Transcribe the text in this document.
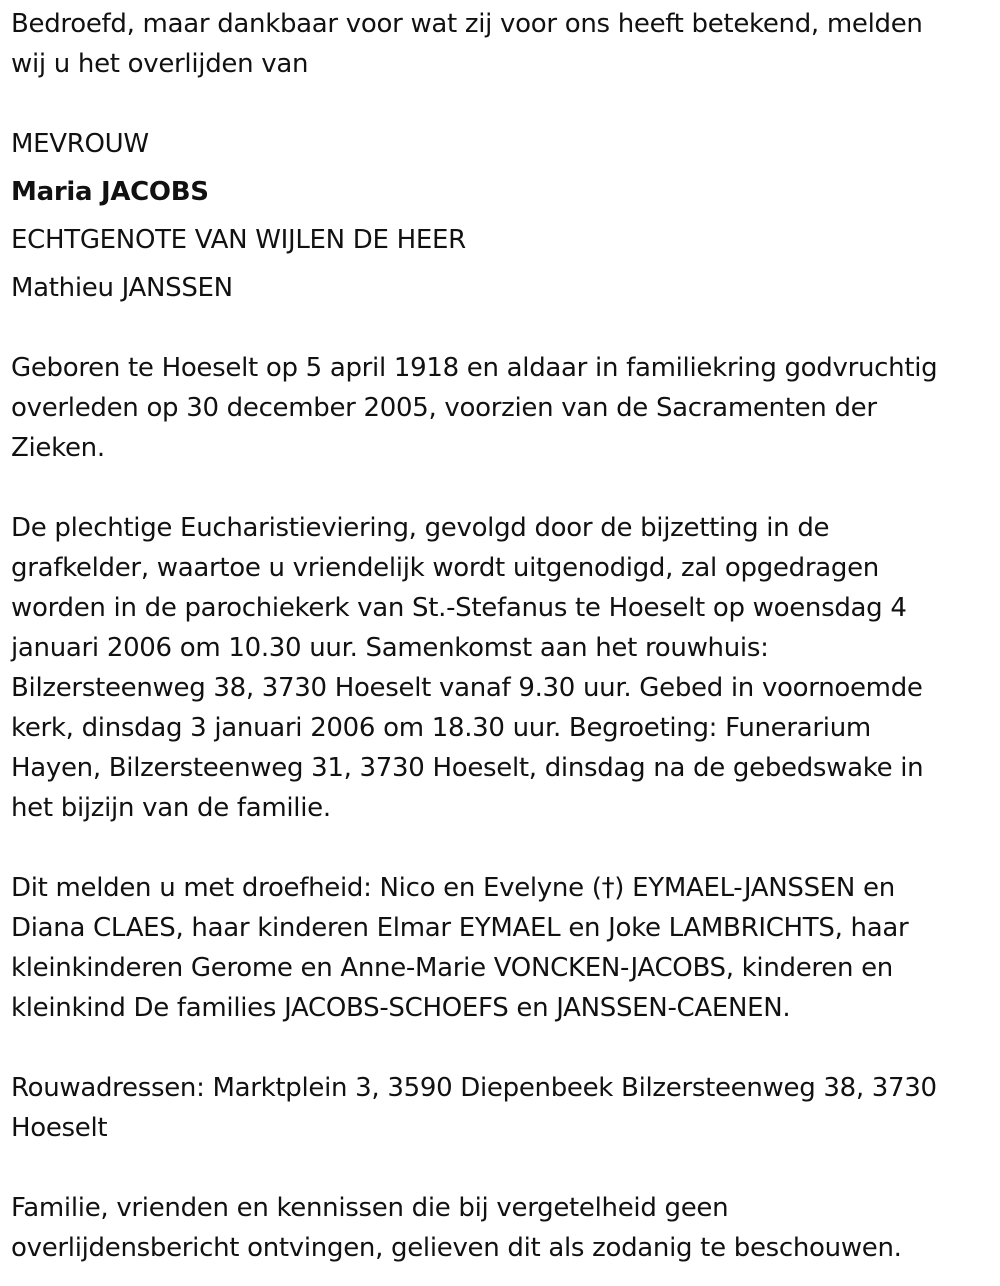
Bedroefd, maar dankbaar voor wat zij voor ons heeft betekend, melden
wij u het overlijden van

MEVROUW

Maria JACOBS

ECHTGENOTE VAN WIJLEN DE HEER

Mathieu JANSSEN

Geboren te Hoeselt op 5 april 1918 en aldaar in familiekring godvruchtig
overleden op 30 december 2005, voorzien van de Sacramenten der
Zieken.

De plechtige Eucharistieviering, gevolgd door de bijzetting in de
grafkelder, waartoe u vriendelijk wordt uitgenodigd, zal opgedragen
worden in de parochiekerk van St.-Stefanus te Hoeselt op woensdag 4
januari 2006 om 10.30 uur. Samenkomst aan het rouwhuis:
Bilzersteenweg 38, 3730 Hoeselt vanaf 9.30 uur. Gebed in voornoemde
kerk, dinsdag 3 januari 2006 om 18.30 uur. Begroeting: Funerarium
Hayen, Bilzersteenweg 31, 3730 Hoeselt, dinsdag na de gebedswake in
het bijzijn van de familie.

Dit melden u met droefheid: Nico en Evelyne (†) EYMAEL-JANSSEN en
Diana CLAES, haar kinderen Elmar EYMAEL en Joke LAMBRICHTS, haar
kleinkinderen Gerome en Anne-Marie VONCKEN-JACOBS, kinderen en
kleinkind De families JACOBS-SCHOEFS en JANSSEN-CAENEN.

Rouwadressen: Marktplein 3, 3590 Diepenbeek Bilzersteenweg 38, 3730
Hoeselt

Familie, vrienden en kennissen die bij vergetelheid geen
overlijdensbericht ontvingen, gelieven dit als zodanig te beschouwen.
